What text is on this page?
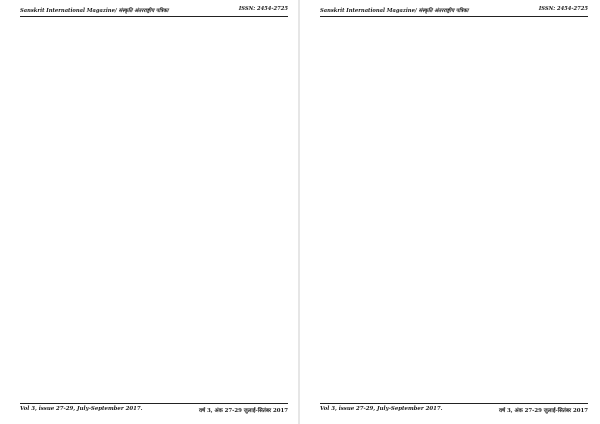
Sanskrit International Magazine/ संस्कृति अंतरराष्ट्रीय पत्रिका	ISSN: 2454-2725

Vol 3, issue 27-29, July-September 2017.	वर्ष 3, अंक 27-29 जुलाई-सितंबर 2017
Sanskrit International Magazine/ संस्कृति अंतरराष्ट्रीय पत्रिका	ISSN: 2454-2725

Vol 3, issue 27-29, July-September 2017.	वर्ष 3, अंक 27-29 जुलाई-सितंबर 2017
